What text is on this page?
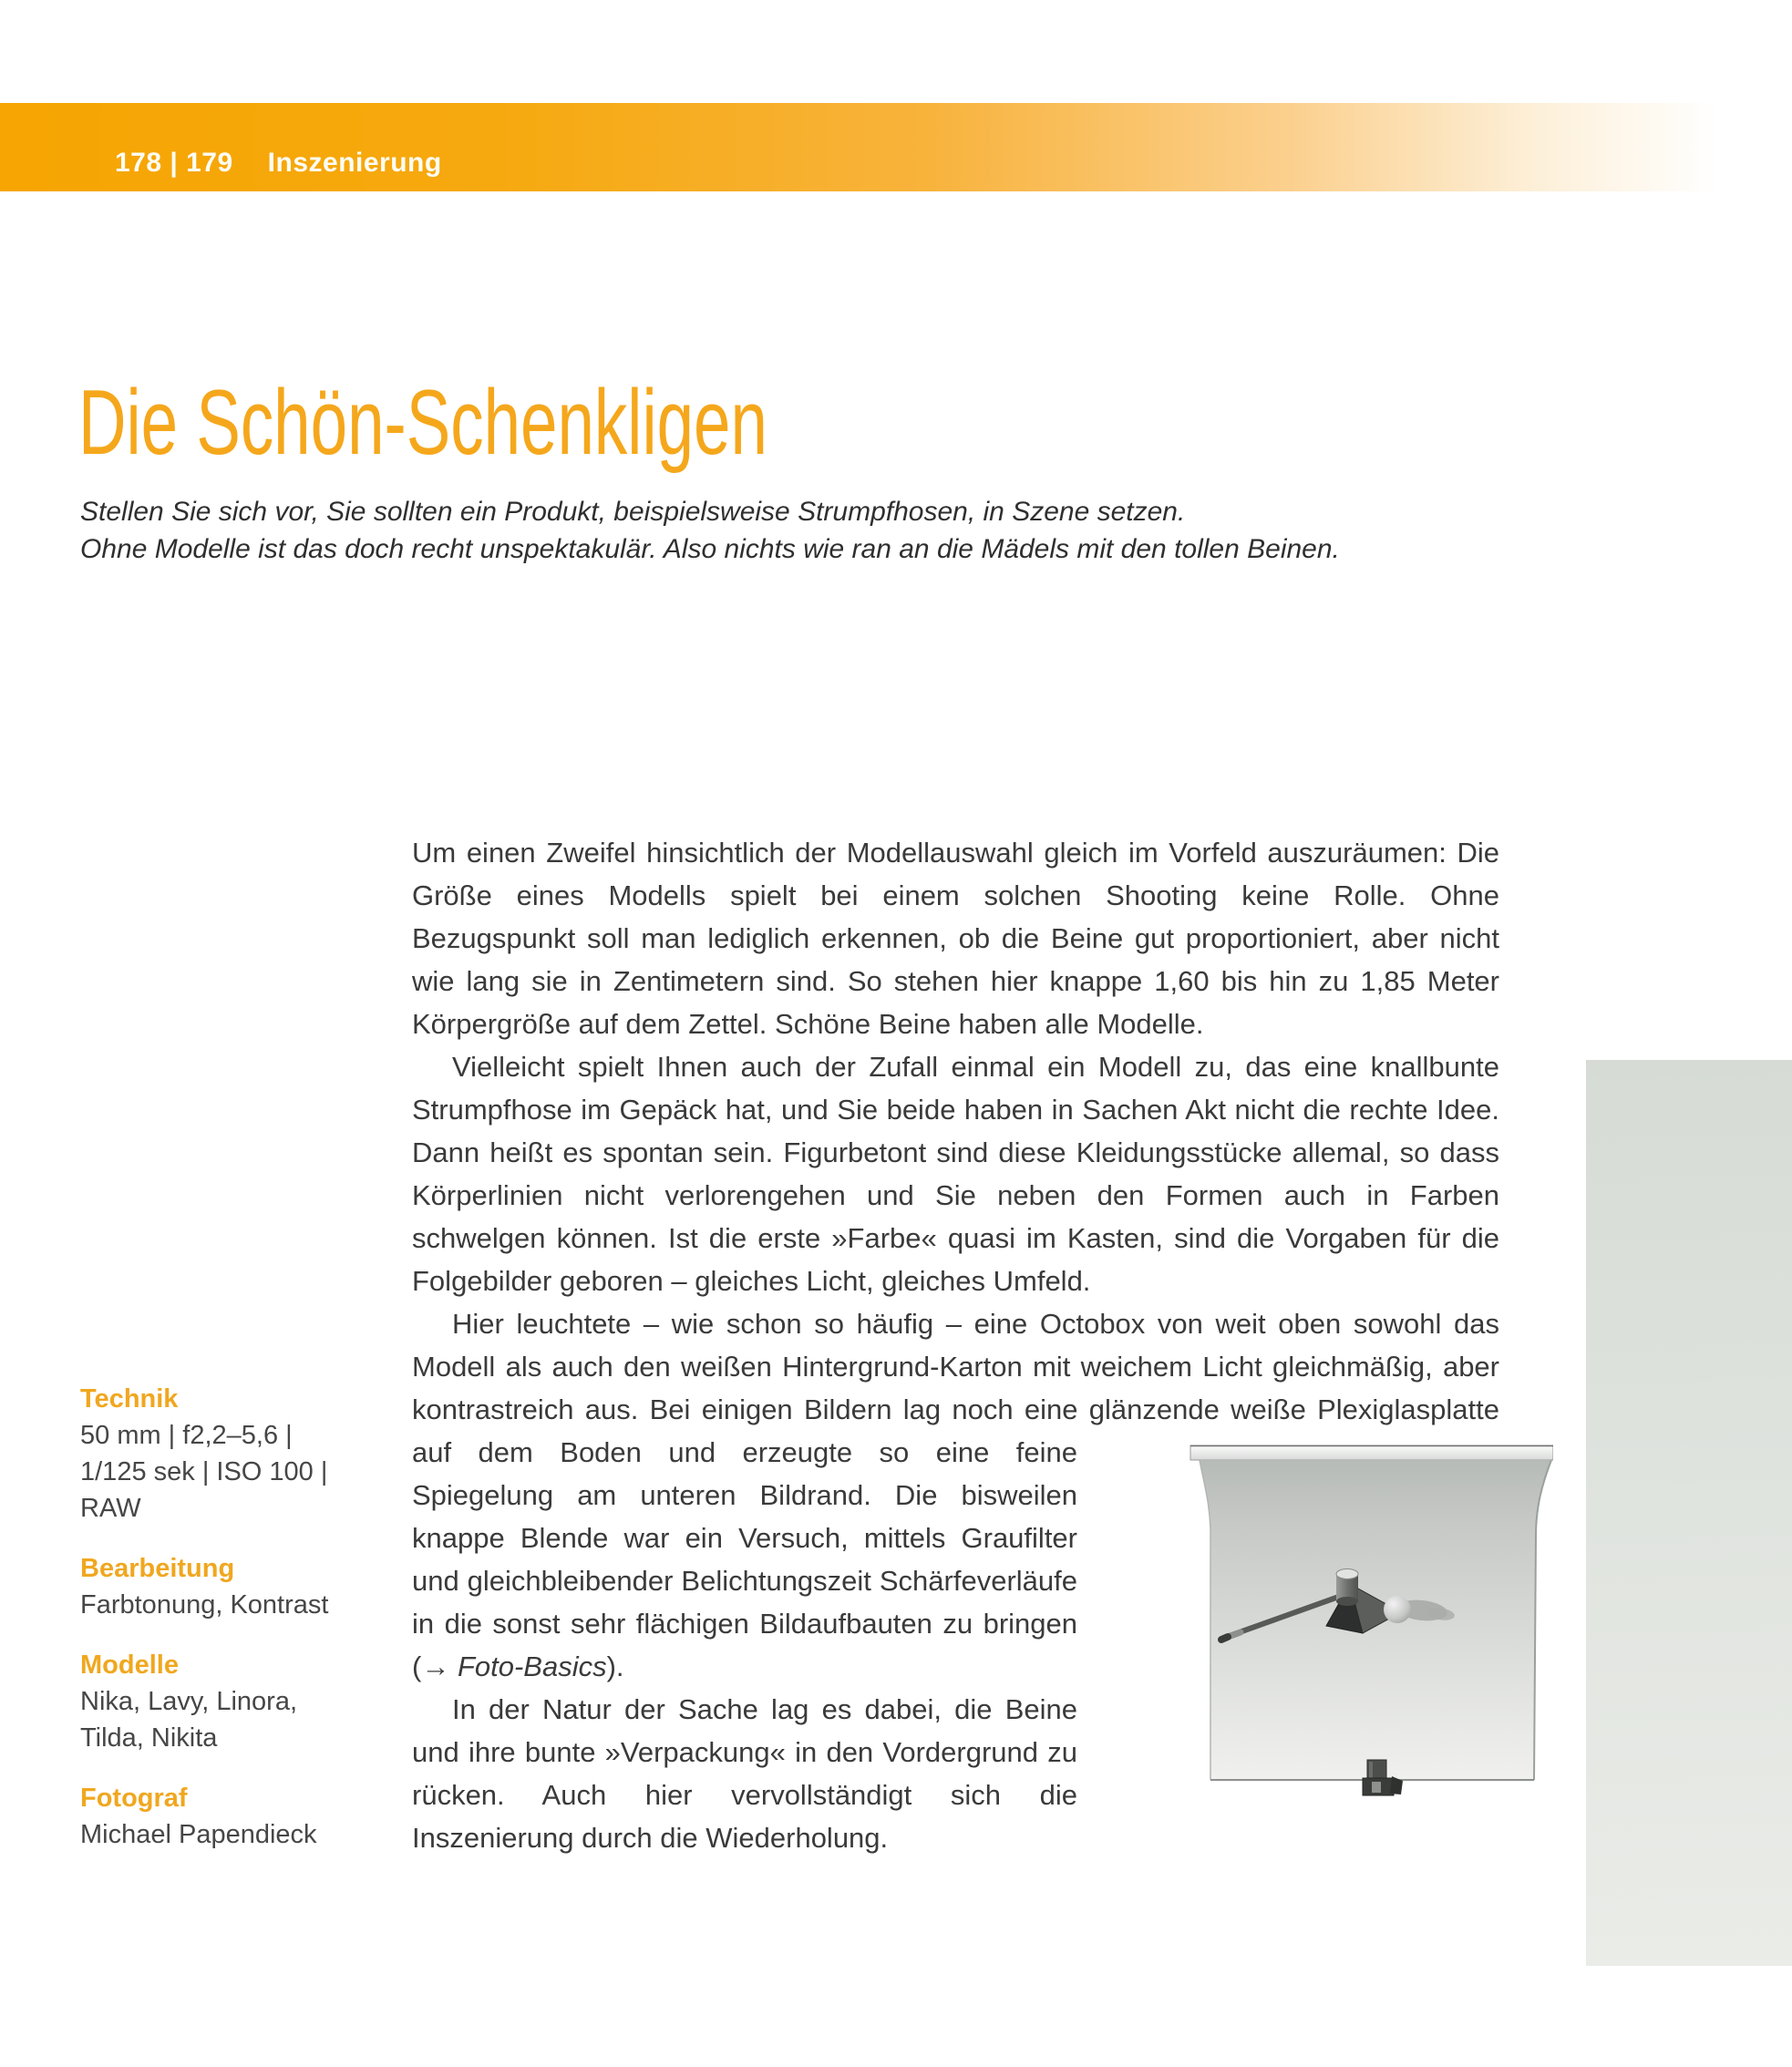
178 | 179 Inszenierung
Die Schön-Schenkligen
Stellen Sie sich vor, Sie sollten ein Produkt, beispielsweise Strumpfhosen, in Szene setzen.
Ohne Modelle ist das doch recht unspektakulär. Also nichts wie ran an die Mädels mit den tollen Beinen.
Technik
50 mm | f2,2–5,6 |
1/125 sek | ISO 100 |
RAW
Bearbeitung
Farbtonung, Kontrast
Modelle
Nika, Lavy, Linora,
Tilda, Nikita
Fotograf
Michael Papendieck

Um einen Zweifel hinsichtlich der Modellauswahl gleich im Vorfeld auszuräumen: Die Größe eines Modells spielt bei einem solchen Shooting keine Rolle. Ohne Bezugspunkt soll man lediglich erkennen, ob die Beine gut proportioniert, aber nicht wie lang sie in Zentimetern sind. So stehen hier knappe 1,60 bis hin zu 1,85 Meter Körpergröße auf dem Zettel. Schöne Beine haben alle Modelle.

Vielleicht spielt Ihnen auch der Zufall einmal ein Modell zu, das eine knallbunte Strumpfhose im Gepäck hat, und Sie beide haben in Sachen Akt nicht die rechte Idee. Dann heißt es spontan sein. Figurbetont sind diese Kleidungsstücke allemal, so dass Körperlinien nicht verlorengehen und Sie neben den Formen auch in Farben schwelgen können. Ist die erste »Farbe« quasi im Kasten, sind die Vorgaben für die Folgebilder geboren – gleiches Licht, gleiches Umfeld.

Hier leuchtete – wie schon so häufig – eine Octobox von weit oben sowohl das Modell als auch den weißen Hintergrund-Karton mit weichem Licht gleichmäßig, aber kontrastreich aus. Bei einigen Bildern lag noch eine glänzende weiße
Plexiglasplatte auf dem Boden und erzeugte so eine feine Spiegelung am unteren Bildrand. Die bisweilen knappe Blende war ein Versuch, mittels Graufilter und gleichbleibender Belichtungszeit Schärfeverläufe in die sonst sehr flächigen Bildaufbauten zu bringen (→ Foto-Basics).

In der Natur der Sache lag es dabei, die Beine und ihre bunte »Verpackung« in den Vordergrund zu rücken. Auch hier vervollständigt sich die Inszenierung durch die Wiederholung.
